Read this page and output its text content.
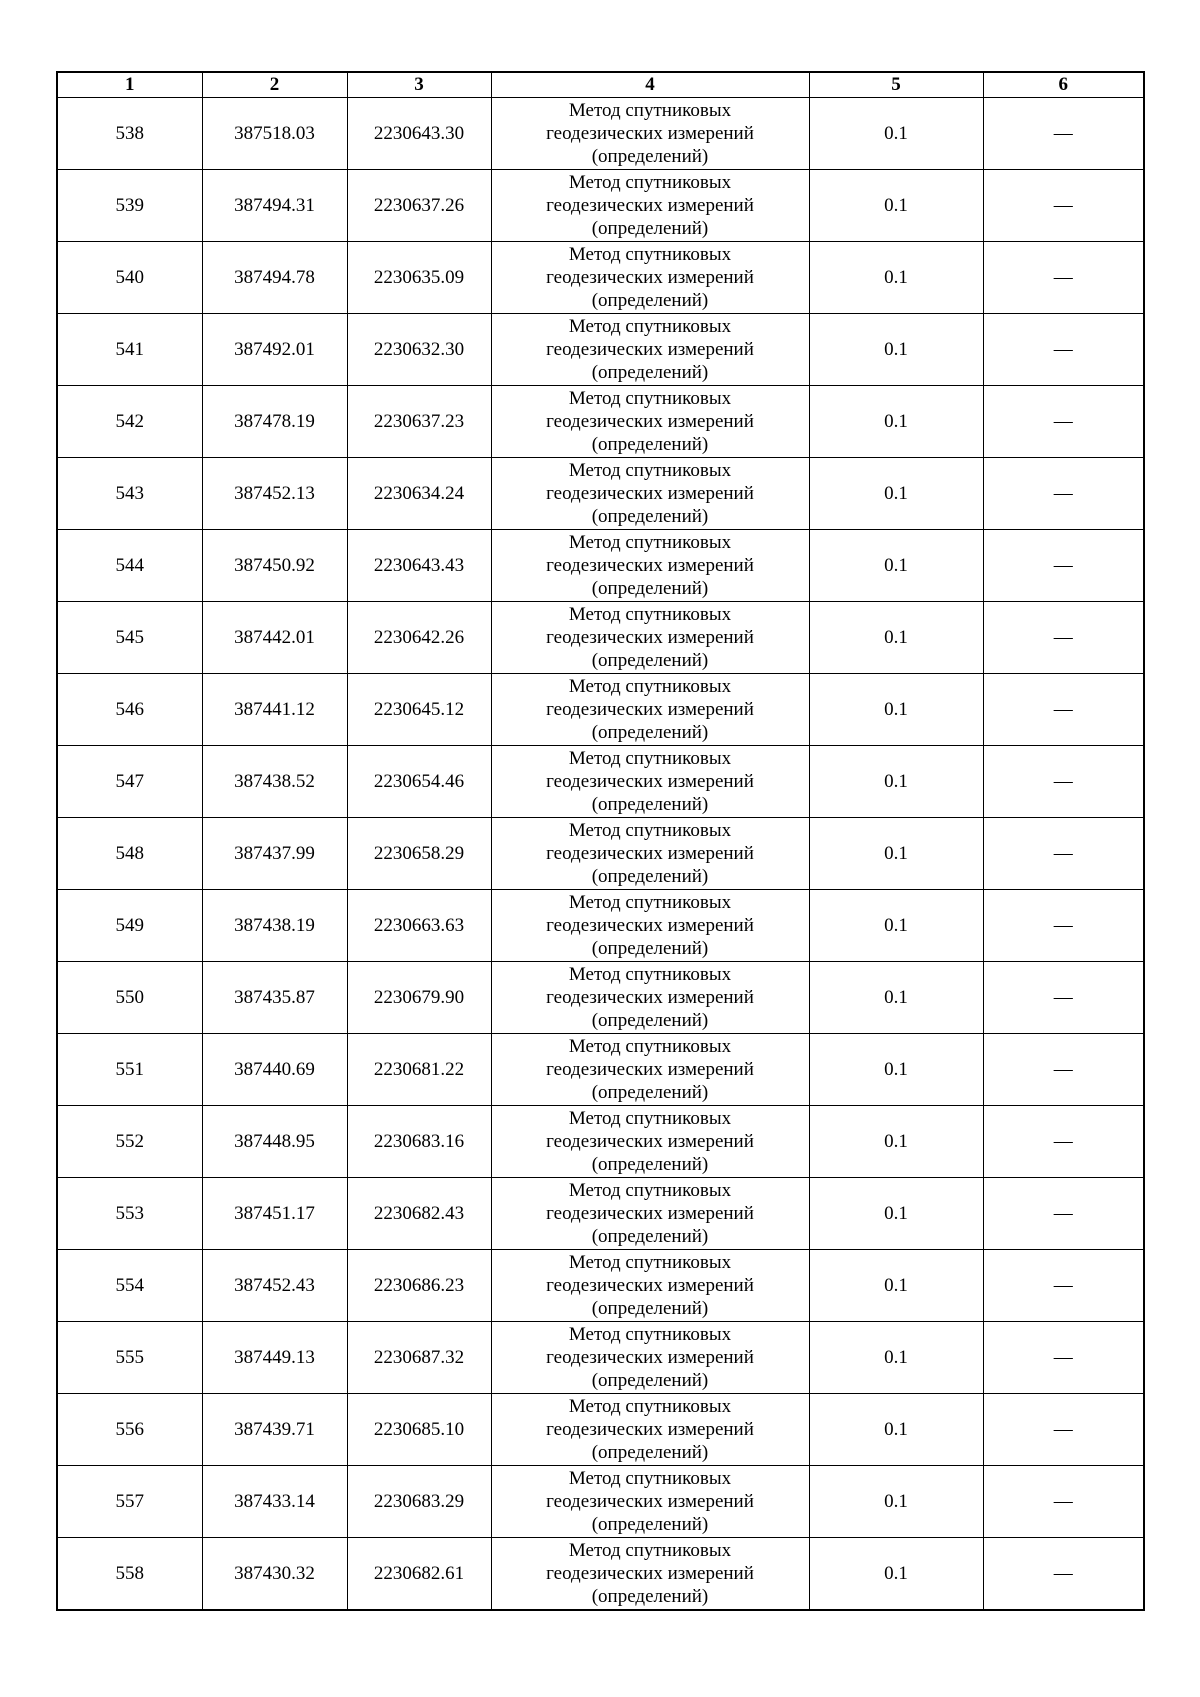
1	2	3	4	5	6
538	387518.03	2230643.30	Метод спутниковых
геодезических измерений
(определений)	0.1	—
539	387494.31	2230637.26	Метод спутниковых
геодезических измерений
(определений)	0.1	—
540	387494.78	2230635.09	Метод спутниковых
геодезических измерений
(определений)	0.1	—
541	387492.01	2230632.30	Метод спутниковых
геодезических измерений
(определений)	0.1	—
542	387478.19	2230637.23	Метод спутниковых
геодезических измерений
(определений)	0.1	—
543	387452.13	2230634.24	Метод спутниковых
геодезических измерений
(определений)	0.1	—
544	387450.92	2230643.43	Метод спутниковых
геодезических измерений
(определений)	0.1	—
545	387442.01	2230642.26	Метод спутниковых
геодезических измерений
(определений)	0.1	—
546	387441.12	2230645.12	Метод спутниковых
геодезических измерений
(определений)	0.1	—
547	387438.52	2230654.46	Метод спутниковых
геодезических измерений
(определений)	0.1	—
548	387437.99	2230658.29	Метод спутниковых
геодезических измерений
(определений)	0.1	—
549	387438.19	2230663.63	Метод спутниковых
геодезических измерений
(определений)	0.1	—
550	387435.87	2230679.90	Метод спутниковых
геодезических измерений
(определений)	0.1	—
551	387440.69	2230681.22	Метод спутниковых
геодезических измерений
(определений)	0.1	—
552	387448.95	2230683.16	Метод спутниковых
геодезических измерений
(определений)	0.1	—
553	387451.17	2230682.43	Метод спутниковых
геодезических измерений
(определений)	0.1	—
554	387452.43	2230686.23	Метод спутниковых
геодезических измерений
(определений)	0.1	—
555	387449.13	2230687.32	Метод спутниковых
геодезических измерений
(определений)	0.1	—
556	387439.71	2230685.10	Метод спутниковых
геодезических измерений
(определений)	0.1	—
557	387433.14	2230683.29	Метод спутниковых
геодезических измерений
(определений)	0.1	—
558	387430.32	2230682.61	Метод спутниковых
геодезических измерений
(определений)	0.1	—
